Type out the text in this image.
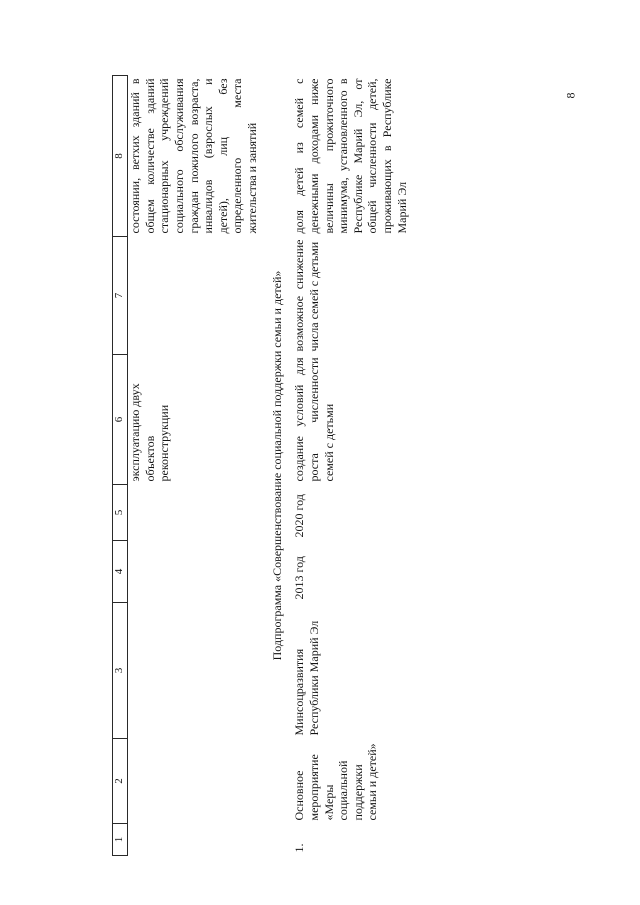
8
1	2	3	4	5	6	7	8
					эксплуатацию двух объектов реконструкции		состоянии, ветхих зданий в общем количестве зданий стационарных учреждений социального обслуживания граждан пожилого возраста, инвалидов (взрослых и детей), лиц без определенного места жительства и занятий
Подпрограмма «Совершенствование социальной поддержки семьи и детей»							
1.	Основное мероприятие «Меры социальной поддержки семьи и детей»	Минсоцразвития Республики Марий Эл	2013 год	2020 год	создание условий для роста численности семей с детьми	возможное снижение числа семей с детьми	доля детей из семей с денежными доходами ниже величины прожиточного минимума, установленного в Республике Марий Эл, от общей численности детей, проживающих в Республике Марий Эл
